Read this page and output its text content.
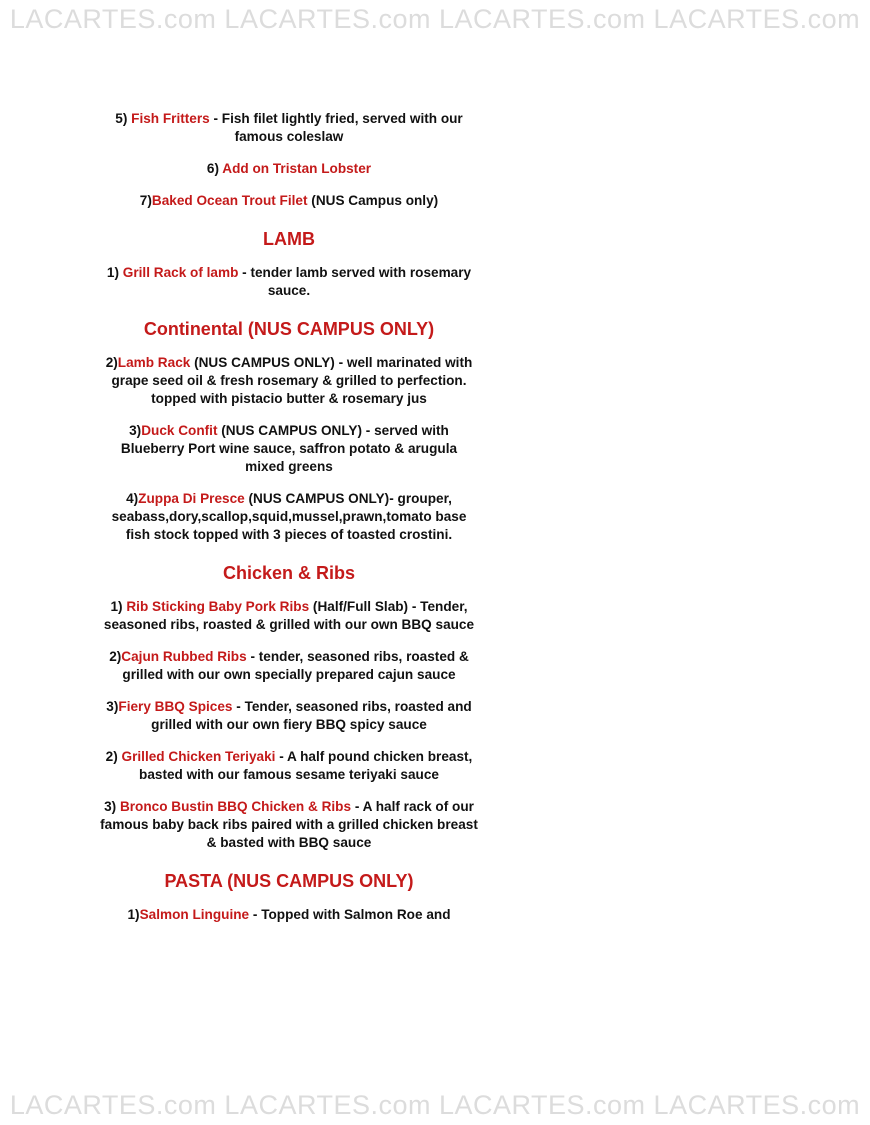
LACARTES.com LACARTES.com LACARTES.com LACARTES.com
5) Fish Fritters - Fish filet lightly fried, served with our famous coleslaw
6) Add on Tristan Lobster
7)Baked Ocean Trout Filet (NUS Campus only)
LAMB
1) Grill Rack of lamb - tender lamb served with rosemary sauce.
Continental (NUS CAMPUS ONLY)
2)Lamb Rack (NUS CAMPUS ONLY) - well marinated with grape seed oil & fresh rosemary & grilled to perfection. topped with pistacio butter & rosemary jus
3)Duck Confit (NUS CAMPUS ONLY) - served with Blueberry Port wine sauce, saffron potato & arugula mixed greens
4)Zuppa Di Presce (NUS CAMPUS ONLY)- grouper, seabass,dory,scallop,squid,mussel,prawn,tomato base fish stock topped with 3 pieces of toasted crostini.
Chicken & Ribs
1) Rib Sticking Baby Pork Ribs (Half/Full Slab) - Tender, seasoned ribs, roasted & grilled with our own BBQ sauce
2)Cajun Rubbed Ribs - tender, seasoned ribs, roasted & grilled with our own specially prepared cajun sauce
3)Fiery BBQ Spices - Tender, seasoned ribs, roasted and grilled with our own fiery BBQ spicy sauce
2) Grilled Chicken Teriyaki - A half pound chicken breast, basted with our famous sesame teriyaki sauce
3) Bronco Bustin BBQ Chicken & Ribs - A half rack of our famous baby back ribs paired with a grilled chicken breast & basted with BBQ sauce
PASTA (NUS CAMPUS ONLY)
1)Salmon Linguine - Topped with Salmon Roe and
LACARTES.com LACARTES.com LACARTES.com LACARTES.com
